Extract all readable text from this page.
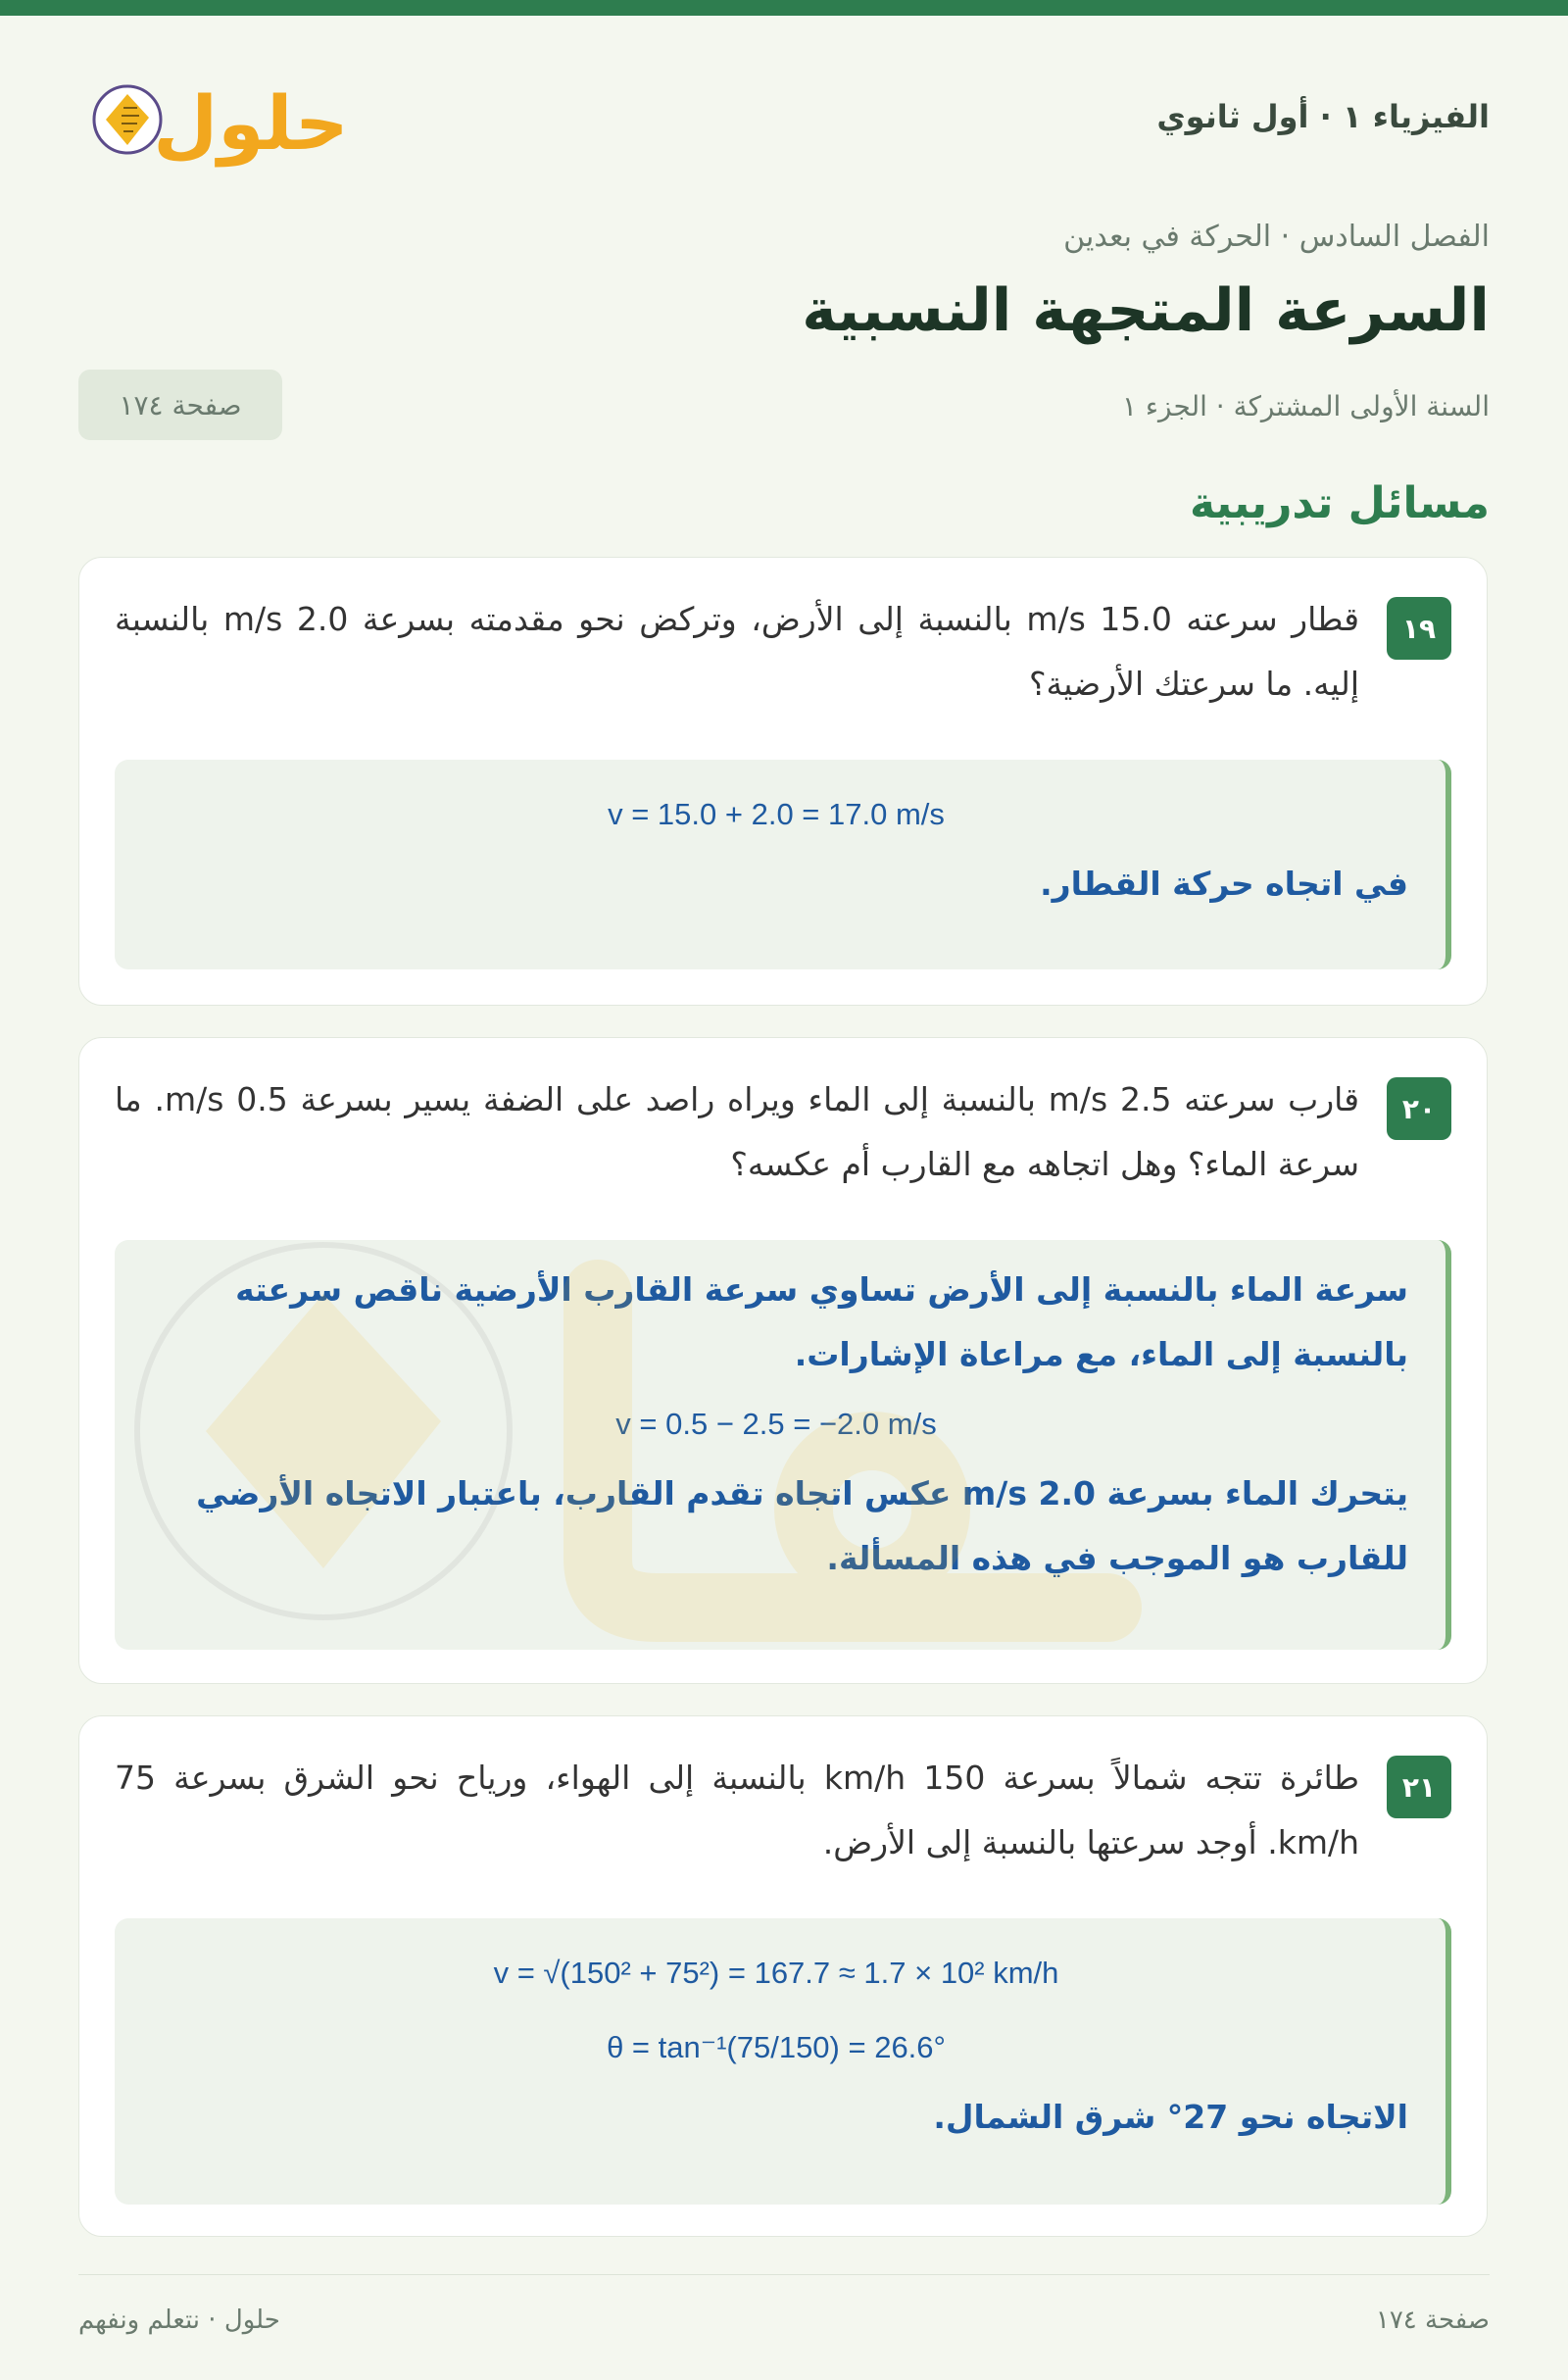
الفيزياء ١ · أول ثانوي
حلول
الفصل السادس · الحركة في بعدين
السرعة المتجهة النسبية
السنة الأولى المشتركة · الجزء ١
صفحة ١٧٤
مسائل تدريبية
١٩
قطار سرعته 15.0 m/s بالنسبة إلى الأرض، وتركض نحو مقدمته بسرعة 2.0 m/s بالنسبة إليه. ما سرعتك الأرضية؟
v = 15.0 + 2.0 = 17.0 m/s
في اتجاه حركة القطار.
٢٠
قارب سرعته 2.5 m/s بالنسبة إلى الماء ويراه راصد على الضفة يسير بسرعة 0.5 m/s. ما سرعة الماء؟ وهل اتجاهه مع القارب أم عكسه؟
سرعة الماء بالنسبة إلى الأرض تساوي سرعة القارب الأرضية ناقص سرعته بالنسبة إلى الماء، مع مراعاة الإشارات.
v = 0.5 − 2.5 = −2.0 m/s
يتحرك الماء بسرعة 2.0 m/s عكس اتجاه تقدم القارب، باعتبار الاتجاه الأرضي للقارب هو الموجب في هذه المسألة.
٢١
طائرة تتجه شمالاً بسرعة 150 km/h بالنسبة إلى الهواء، ورياح نحو الشرق بسرعة 75 km/h. أوجد سرعتها بالنسبة إلى الأرض.
v = √(150² + 75²) = 167.7 ≈ 1.7 × 10² km/h
θ = tan⁻¹(75/150) = 26.6°
الاتجاه نحو 27° شرق الشمال.
صفحة ١٧٤
حلول · نتعلم ونفهم
